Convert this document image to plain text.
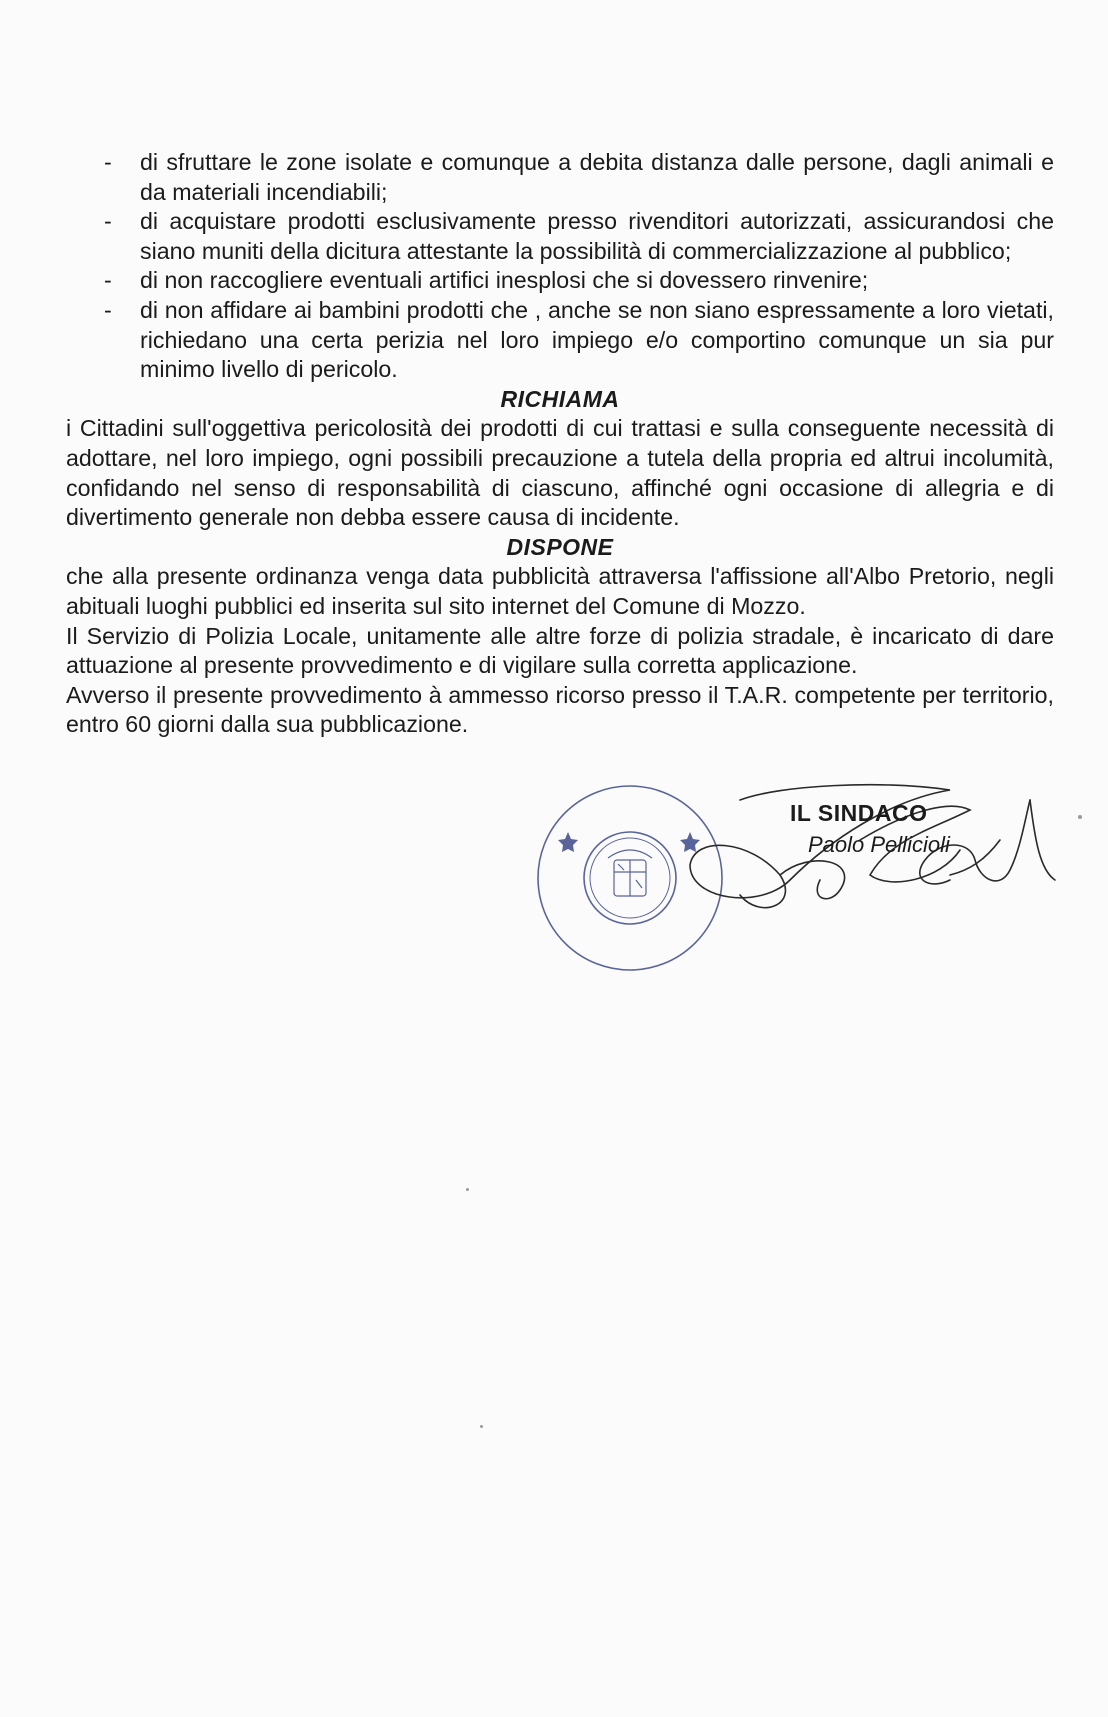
- di sfruttare le zone isolate e comunque a debita distanza dalle persone, dagli animali e da materiali incendiabili;
- di acquistare prodotti esclusivamente presso rivenditori autorizzati, assicurandosi che siano muniti della dicitura attestante la possibilità di commercializzazione al pubblico;
- di non raccogliere eventuali artifici inesplosi che si dovessero rinvenire;
- di non affidare ai bambini prodotti che , anche se non siano espressamente a loro vietati, richiedano una certa perizia nel loro impiego e/o comportino comunque un sia pur minimo livello di pericolo.
RICHIAMA

i Cittadini sull'oggettiva pericolosità dei prodotti di cui trattasi e sulla conseguente necessità di adottare, nel loro impiego, ogni possibili precauzione a tutela della propria ed altrui incolumità, confidando nel senso di responsabilità di ciascuno, affinché ogni occasione di allegria e di divertimento generale non debba essere causa di incidente.

DISPONE

che alla presente ordinanza venga data pubblicità attraversa l'affissione all'Albo Pretorio, negli abituali luoghi pubblici ed inserita sul sito internet del Comune di Mozzo.

Il Servizio di Polizia Locale, unitamente alle altre forze di polizia stradale, è incaricato di dare attuazione al presente provvedimento e di vigilare sulla corretta applicazione.

Avverso il presente provvedimento à ammesso ricorso presso il T.A.R. competente per territorio, entro 60 giorni dalla sua pubblicazione.

IL SINDACO
Paolo Pellicioli
